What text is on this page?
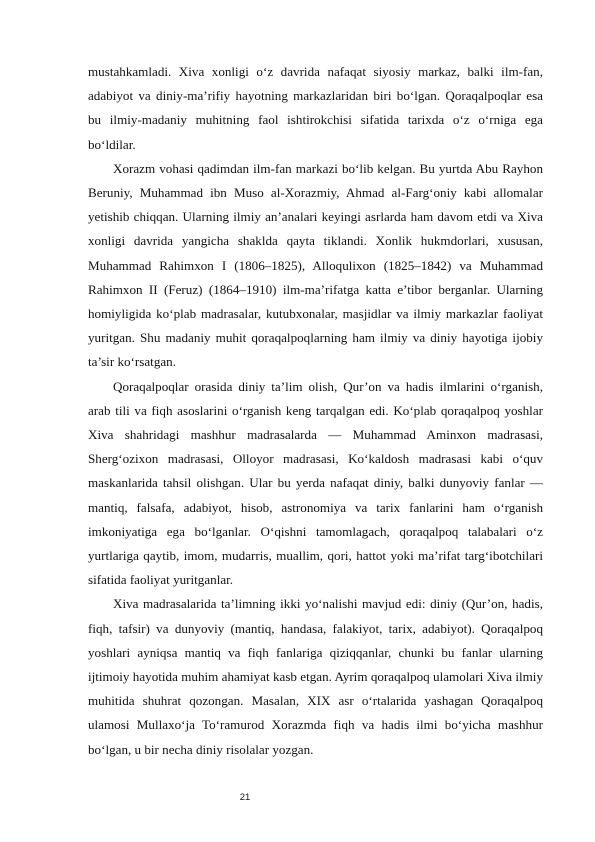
mustahkamladi. Xiva xonligi o‘z davrida nafaqat siyosiy markaz, balki ilm-fan, adabiyot va diniy-ma’rifiy hayotning markazlaridan biri bo‘lgan. Qoraqalpoqlar esa bu ilmiy-madaniy muhitning faol ishtirokchisi sifatida tarixda o‘z o‘rniga ega bo‘ldilar.

Xorazm vohasi qadimdan ilm-fan markazi bo‘lib kelgan. Bu yurtda Abu Rayhon Beruniy, Muhammad ibn Muso al-Xorazmiy, Ahmad al-Farg‘oniy kabi allomalar yetishib chiqqan. Ularning ilmiy an’analari keyingi asrlarda ham davom etdi va Xiva xonligi davrida yangicha shaklda qayta tiklandi. Xonlik hukmdorlari, xususan, Muhammad Rahimxon I (1806–1825), Alloqulixon (1825–1842) va Muhammad Rahimxon II (Feruz) (1864–1910) ilm-ma’rifatga katta e’tibor berganlar. Ularning homiyligida ko‘plab madrasalar, kutubxonalar, masjidlar va ilmiy markazlar faoliyat yuritgan. Shu madaniy muhit qoraqalpoqlarning ham ilmiy va diniy hayotiga ijobiy ta’sir ko‘rsatgan.

Qoraqalpoqlar orasida diniy ta’lim olish, Qur’on va hadis ilmlarini o‘rganish, arab tili va fiqh asoslarini o‘rganish keng tarqalgan edi. Ko‘plab qoraqalpoq yoshlar Xiva shahridagi mashhur madrasalarda — Muhammad Aminxon madrasasi, Sherg‘ozixon madrasasi, Olloyor madrasasi, Ko‘kaldosh madrasasi kabi o‘quv maskanlarida tahsil olishgan. Ular bu yerda nafaqat diniy, balki dunyoviy fanlar — mantiq, falsafa, adabiyot, hisob, astronomiya va tarix fanlarini ham o‘rganish imkoniyatiga ega bo‘lganlar. O‘qishni tamomlagach, qoraqalpoq talabalari o‘z yurtlariga qaytib, imom, mudarris, muallim, qori, hattot yoki ma’rifat targ‘ibotchilari sifatida faoliyat yuritganlar.

Xiva madrasalarida ta’limning ikki yo‘nalishi mavjud edi: diniy (Qur’on, hadis, fiqh, tafsir) va dunyoviy (mantiq, handasa, falakiyot, tarix, adabiyot). Qoraqalpoq yoshlari ayniqsa mantiq va fiqh fanlariga qiziqqanlar, chunki bu fanlar ularning ijtimoiy hayotida muhim ahamiyat kasb etgan. Ayrim qoraqalpoq ulamolari Xiva ilmiy muhitida shuhrat qozongan. Masalan, XIX asr o‘rtalarida yashagan Qoraqalpoq ulamosi Mullaxo‘ja To‘ramurod Xorazmda fiqh va hadis ilmi bo‘yicha mashhur bo‘lgan, u bir necha diniy risolalar yozgan.

21
